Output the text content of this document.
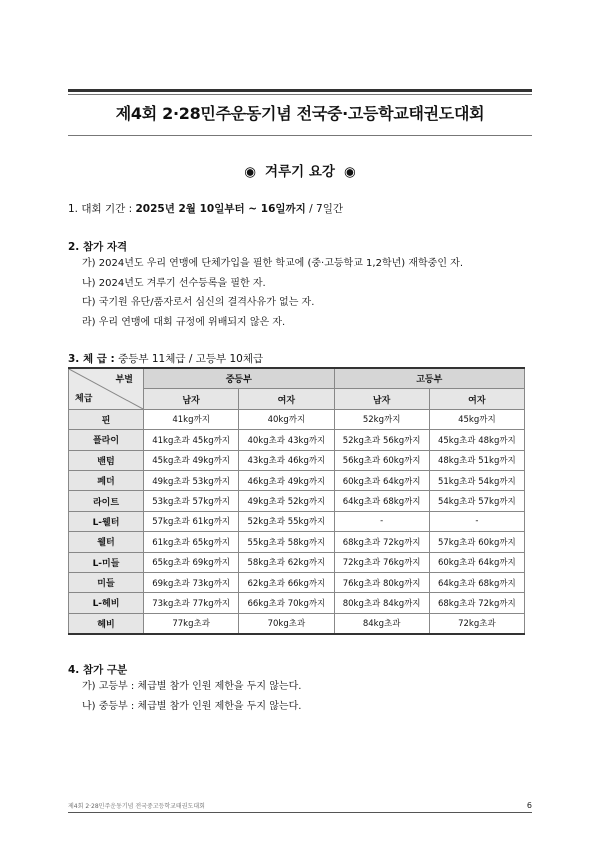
제4회 2·28민주운동기념 전국중·고등학교태권도대회
◉ 겨루기 요강 ◉
1. 대회 기간 : 2025년 2월 10일부터 ~ 16일까지 / 7일간
2. 참가 자격
가) 2024년도 우리 연맹에 단체가입을 필한 학교에 (중·고등학교 1,2학년) 재학중인 자.
나) 2024년도 겨루기 선수등록을 필한 자.
다) 국기원 유단/품자로서 심신의 결격사유가 없는 자.
라) 우리 연맹에 대회 규정에 위배되지 않은 자.
3. 체 급 : 중등부 11체급 / 고등부 10체급
부별
체급	중등부		고등부	
	남자	여자	남자	여자
핀	41kg까지	40kg까지	52kg까지	45kg까지
플라이	41kg초과 45kg까지	40kg초과 43kg까지	52kg초과 56kg까지	45kg초과 48kg까지
밴텀	45kg초과 49kg까지	43kg초과 46kg까지	56kg초과 60kg까지	48kg초과 51kg까지
페더	49kg초과 53kg까지	46kg초과 49kg까지	60kg초과 64kg까지	51kg초과 54kg까지
라이트	53kg초과 57kg까지	49kg초과 52kg까지	64kg초과 68kg까지	54kg초과 57kg까지
L-웰터	57kg초과 61kg까지	52kg초과 55kg까지	-	-
웰터	61kg초과 65kg까지	55kg초과 58kg까지	68kg초과 72kg까지	57kg초과 60kg까지
L-미들	65kg초과 69kg까지	58kg초과 62kg까지	72kg초과 76kg까지	60kg초과 64kg까지
미들	69kg초과 73kg까지	62kg초과 66kg까지	76kg초과 80kg까지	64kg초과 68kg까지
L-헤비	73kg초과 77kg까지	66kg초과 70kg까지	80kg초과 84kg까지	68kg초과 72kg까지
헤비	77kg초과	70kg초과	84kg초과	72kg초과
4. 참가 구분
가) 고등부 : 체급별 참가 인원 제한을 두지 않는다.
나) 중등부 : 체급별 참가 인원 제한을 두지 않는다.
제4회 2·28민주운동기념 전국중고등학교태권도대회	6
